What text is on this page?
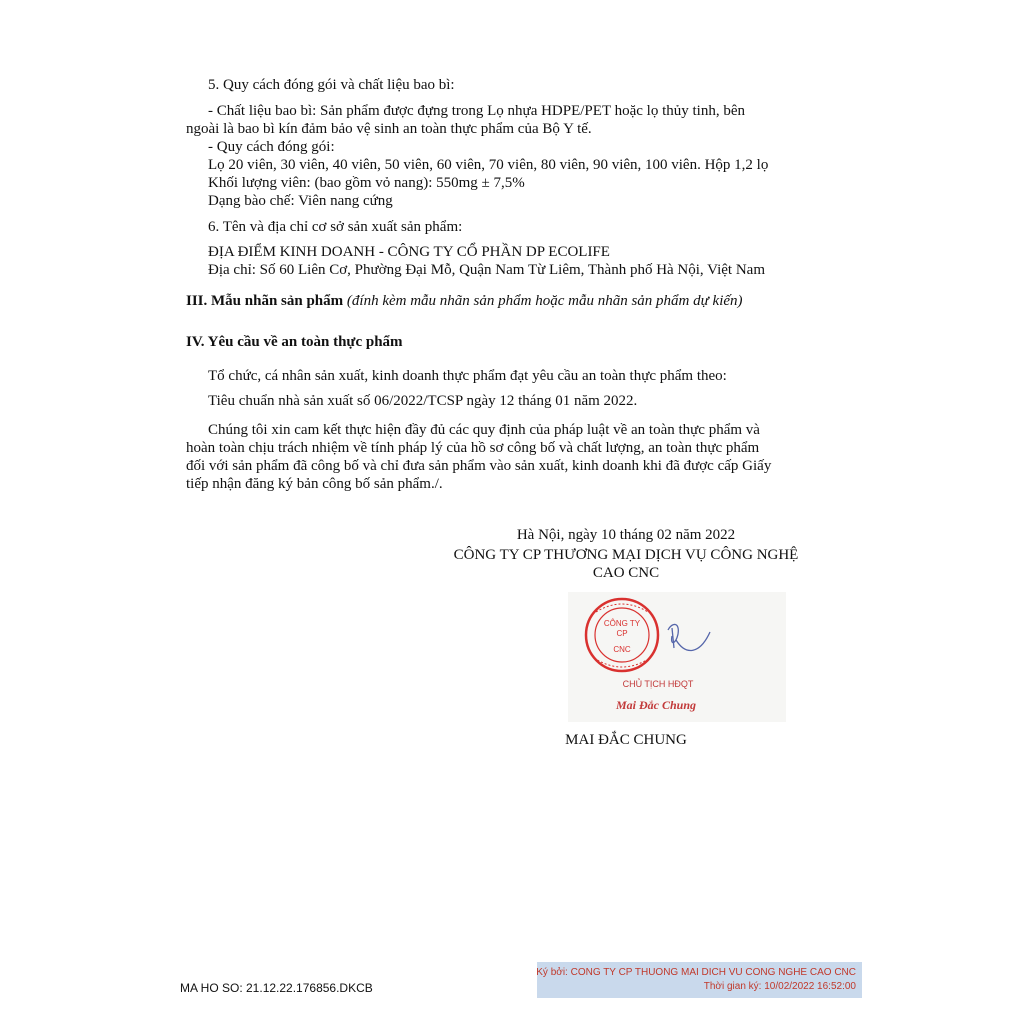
5. Quy cách đóng gói và chất liệu bao bì:
- Chất liệu bao bì: Sản phẩm được đựng trong Lọ nhựa HDPE/PET hoặc lọ thủy tinh, bên
ngoài là bao bì kín đảm bảo vệ sinh an toàn thực phẩm của Bộ Y tế.
- Quy cách đóng gói:
Lọ 20 viên, 30 viên, 40 viên, 50 viên, 60 viên, 70 viên, 80 viên, 90 viên, 100 viên. Hộp 1,2 lọ
Khối lượng viên: (bao gồm vỏ nang): 550mg ± 7,5%
Dạng bào chế: Viên nang cứng
6. Tên và địa chỉ cơ sở sản xuất sản phẩm:
ĐỊA ĐIỂM KINH DOANH - CÔNG TY CỔ PHẦN DP ECOLIFE
Địa chỉ: Số 60 Liên Cơ, Phường Đại Mỗ, Quận Nam Từ Liêm, Thành phố Hà Nội, Việt Nam
III. Mẫu nhãn sản phẩm (đính kèm mẫu nhãn sản phẩm hoặc mẫu nhãn sản phẩm dự kiến)
IV. Yêu cầu về an toàn thực phẩm
Tổ chức, cá nhân sản xuất, kinh doanh thực phẩm đạt yêu cầu an toàn thực phẩm theo:
Tiêu chuẩn nhà sản xuất số 06/2022/TCSP ngày 12 tháng 01 năm 2022.
Chúng tôi xin cam kết thực hiện đầy đủ các quy định của pháp luật về an toàn thực phẩm và
hoàn toàn chịu trách nhiệm về tính pháp lý của hồ sơ công bố và chất lượng, an toàn thực phẩm
đối với sản phẩm đã công bố và chỉ đưa sản phẩm vào sản xuất, kinh doanh khi đã được cấp Giấy
tiếp nhận đăng ký bản công bố sản phẩm./.
Hà Nội, ngày 10 tháng 02 năm 2022
CÔNG TY CP THƯƠNG MẠI DỊCH VỤ CÔNG NGHỆ
CAO CNC
CÔNG TY
CP
CNC
CHỦ TỊCH HĐQT
Mai Đắc Chung
MAI ĐẮC CHUNG
MA HO SO: 21.12.22.176856.DKCB
Ký bởi: CONG TY CP THUONG MAI DICH VU CONG NGHE CAO CNC
Thời gian ký: 10/02/2022 16:52:00
